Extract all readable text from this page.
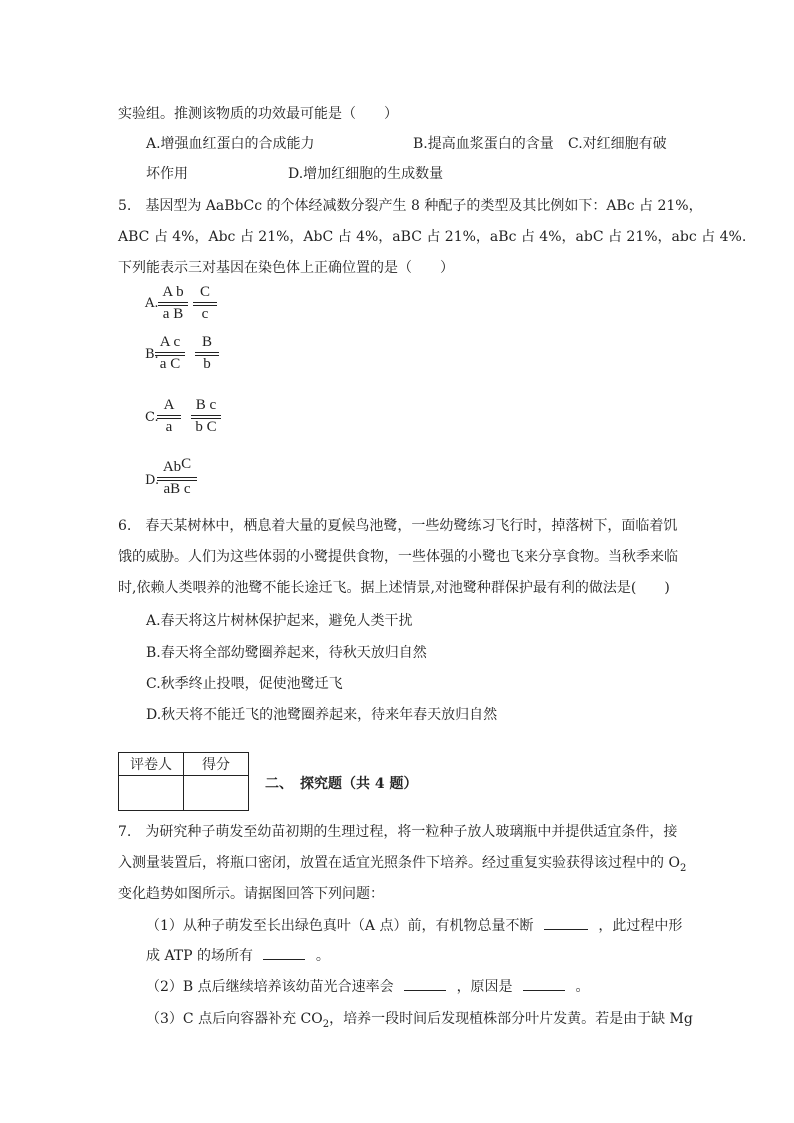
实验组。推测该物质的功效最可能是（　　）
A.增强血红蛋白的合成能力	B.提高血浆蛋白的含量 C.对红细胞有破
坏作用	D.增加红细胞的生成数量
5.　基因型为 AaBbCc 的个体经减数分裂产生 8 种配子的类型及其比例如下：ABc 占 21%，
ABC 占 4%，Abc 占 21%，AbC 占 4%，aBC 占 21%，aBc 占 4%，abC 占 21%，abc 占 4%.
下列能表示三对基因在染色体上正确位置的是（　　）
A.
A b
a B
C
c
B.
A c
a C
B
b
C.
A
a
B c
b C
D.
AbC
aB c
6.　春天某树林中，栖息着大量的夏候鸟池鹭，一些幼鹭练习飞行时，掉落树下，面临着饥
饿的威胁。人们为这些体弱的小鹭提供食物，一些体强的小鹭也飞来分享食物。当秋季来临
时,依赖人类喂养的池鹭不能长途迁飞。据上述情景,对池鹭种群保护最有利的做法是(　　)
A.春天将这片树林保护起来，避免人类干扰
B.春天将全部幼鹭圈养起来，待秋天放归自然
C.秋季终止投喂，促使池鹭迁飞
D.秋天将不能迁飞的池鹭圈养起来，待来年春天放归自然
评卷人	得分

二、　探究题（共 4 题）
7.　为研究种子萌发至幼苗初期的生理过程，将一粒种子放人玻璃瓶中并提供适宜条件，接
入测量装置后，将瓶口密闭，放置在适宜光照条件下培养。经过重复实验获得该过程中的 $O_2$
变化趋势如图所示。请据图回答下列问题：
（1）从种子萌发至长出绿色真叶（A 点）前，有机物总量不断	，此过程中形
成 ATP 的场所有	。
（2）B 点后继续培养该幼苗光合速率会	，原因是	。
（3）C 点后向容器补充 $CO_2$，培养一段时间后发现植株部分叶片发黄。若是由于缺 Mg
